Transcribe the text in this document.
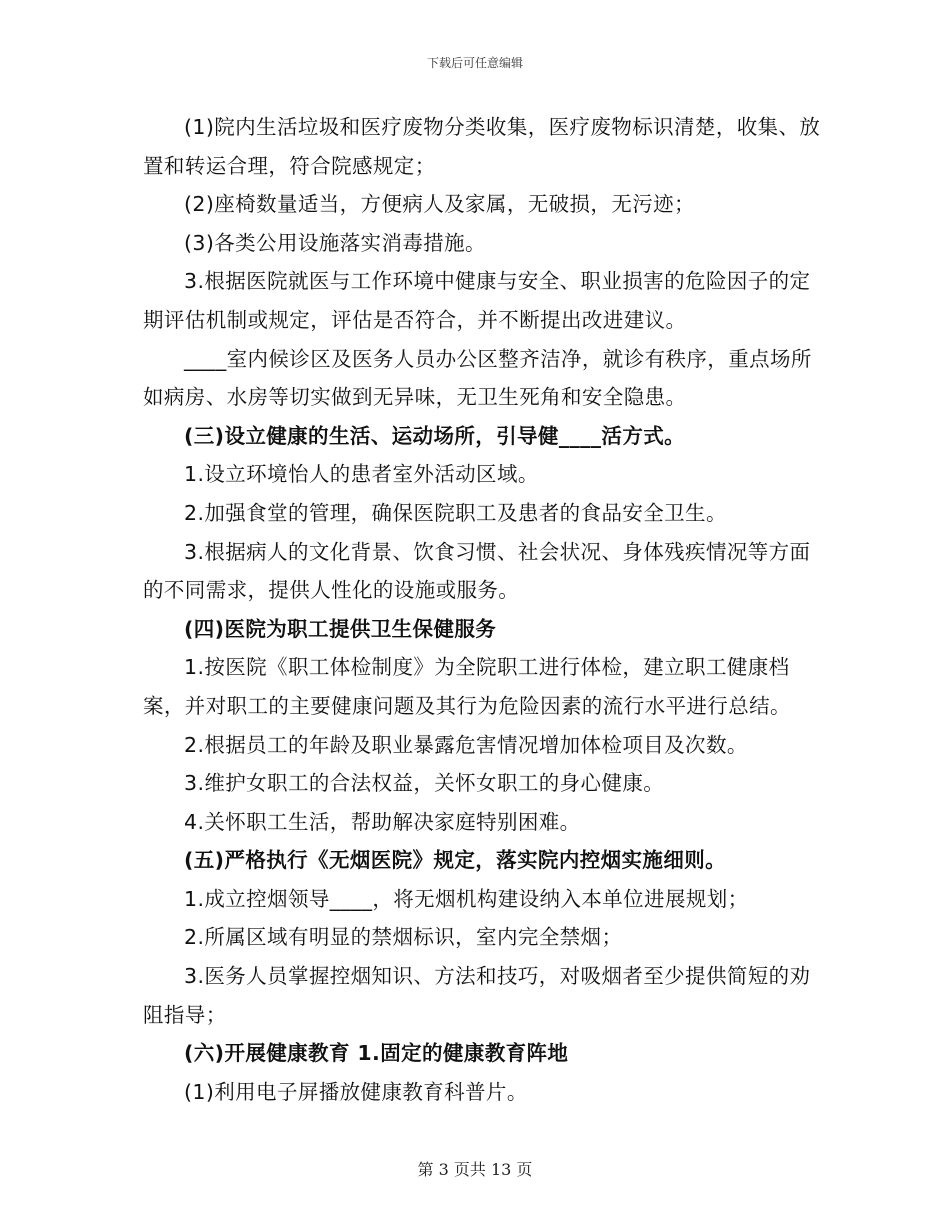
下载后可任意编辑

(1)院内生活垃圾和医疗废物分类收集，医疗废物标识清楚，收集、放置和转运合理，符合院感规定；

(2)座椅数量适当，方便病人及家属，无破损，无污迹；

(3)各类公用设施落实消毒措施。

3.根据医院就医与工作环境中健康与安全、职业损害的危险因子的定期评估机制或规定，评估是否符合，并不断提出改进建议。

____室内候诊区及医务人员办公区整齐洁净，就诊有秩序，重点场所如病房、水房等切实做到无异味，无卫生死角和安全隐患。

(三)设立健康的生活、运动场所，引导健____活方式。

1.设立环境怡人的患者室外活动区域。

2.加强食堂的管理，确保医院职工及患者的食品安全卫生。

3.根据病人的文化背景、饮食习惯、社会状况、身体残疾情况等方面的不同需求，提供人性化的设施或服务。

(四)医院为职工提供卫生保健服务

1.按医院《职工体检制度》为全院职工进行体检，建立职工健康档案，并对职工的主要健康问题及其行为危险因素的流行水平进行总结。

2.根据员工的年龄及职业暴露危害情况增加体检项目及次数。

3.维护女职工的合法权益，关怀女职工的身心健康。

4.关怀职工生活，帮助解决家庭特别困难。

(五)严格执行《无烟医院》规定，落实院内控烟实施细则。

1.成立控烟领导____，将无烟机构建设纳入本单位进展规划；

2.所属区域有明显的禁烟标识，室内完全禁烟；

3.医务人员掌握控烟知识、方法和技巧，对吸烟者至少提供简短的劝阻指导；

(六)开展健康教育 1.固定的健康教育阵地

(1)利用电子屏播放健康教育科普片。

第 3 页共 13 页
